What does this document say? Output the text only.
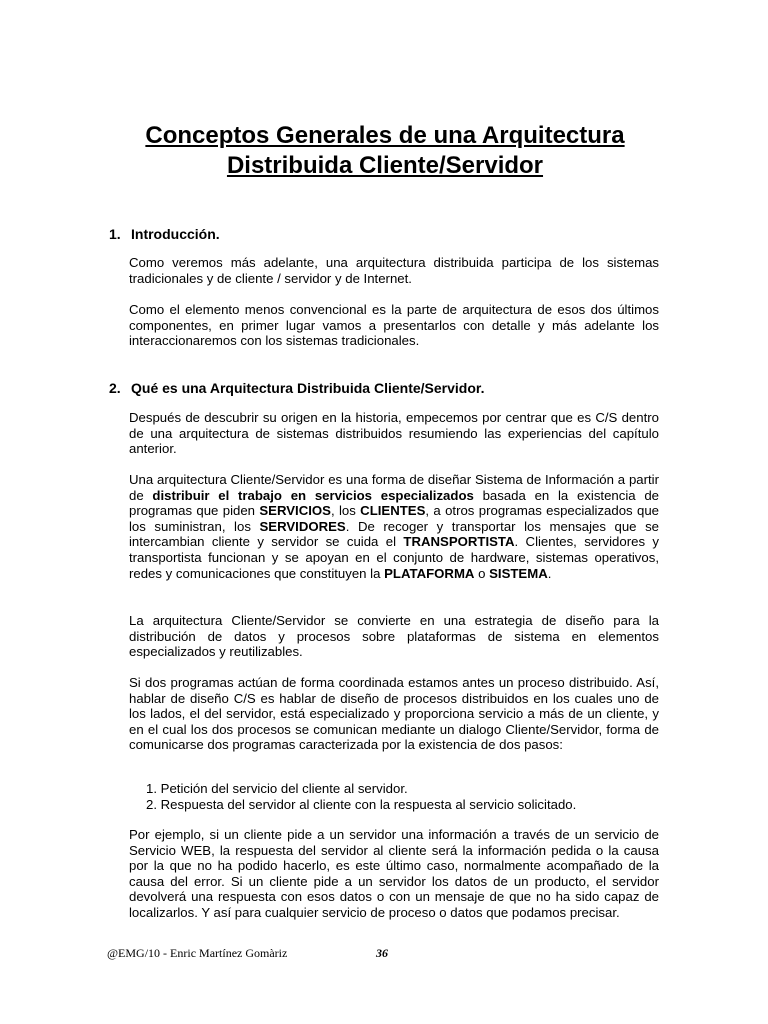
Conceptos Generales de una Arquitectura
Distribuida Cliente/Servidor
1. Introducción.
Como veremos más adelante, una arquitectura distribuida participa de los sistemas tradicionales y de cliente / servidor y de Internet.
Como el elemento menos convencional es la parte de arquitectura de esos dos últimos componentes, en primer lugar vamos a presentarlos con detalle y más adelante los interaccionaremos con los sistemas tradicionales.
2. Qué es una Arquitectura Distribuida Cliente/Servidor.
Después de descubrir su origen en la historia, empecemos por centrar que es C/S dentro de una arquitectura de sistemas distribuidos resumiendo las experiencias del capítulo anterior.
Una arquitectura Cliente/Servidor es una forma de diseñar Sistema de Información a partir de distribuir el trabajo en servicios especializados basada en la existencia de programas que piden SERVICIOS, los CLIENTES, a otros programas especializados que los suministran, los SERVIDORES. De recoger y transportar los mensajes que se intercambian cliente y servidor se cuida el TRANSPORTISTA. Clientes, servidores y transportista funcionan y se apoyan en el conjunto de hardware, sistemas operativos, redes y comunicaciones que constituyen la PLATAFORMA o SISTEMA.
La arquitectura Cliente/Servidor se convierte en una estrategia de diseño para la distribución de datos y procesos sobre plataformas de sistema en elementos especializados y reutilizables.
Si dos programas actúan de forma coordinada estamos antes un proceso distribuido. Así, hablar de diseño C/S es hablar de diseño de procesos distribuidos en los cuales uno de los lados, el del servidor, está especializado y proporciona servicio a más de un cliente, y en el cual los dos procesos se comunican mediante un dialogo Cliente/Servidor, forma de comunicarse dos programas caracterizada por la existencia de dos pasos:
1. Petición del servicio del cliente al servidor.
2. Respuesta del servidor al cliente con la respuesta al servicio solicitado.
Por ejemplo, si un cliente pide a un servidor una información a través de un servicio de Servicio WEB, la respuesta del servidor al cliente será la información pedida o la causa por la que no ha podido hacerlo, es este último caso, normalmente acompañado de la causa del error. Si un cliente pide a un servidor los datos de un producto, el servidor devolverá una respuesta con esos datos o con un mensaje de que no ha sido capaz de localizarlos. Y así para cualquier servicio de proceso o datos que podamos precisar.
@EMG/10 - Enric Martínez Gomàriz	36
